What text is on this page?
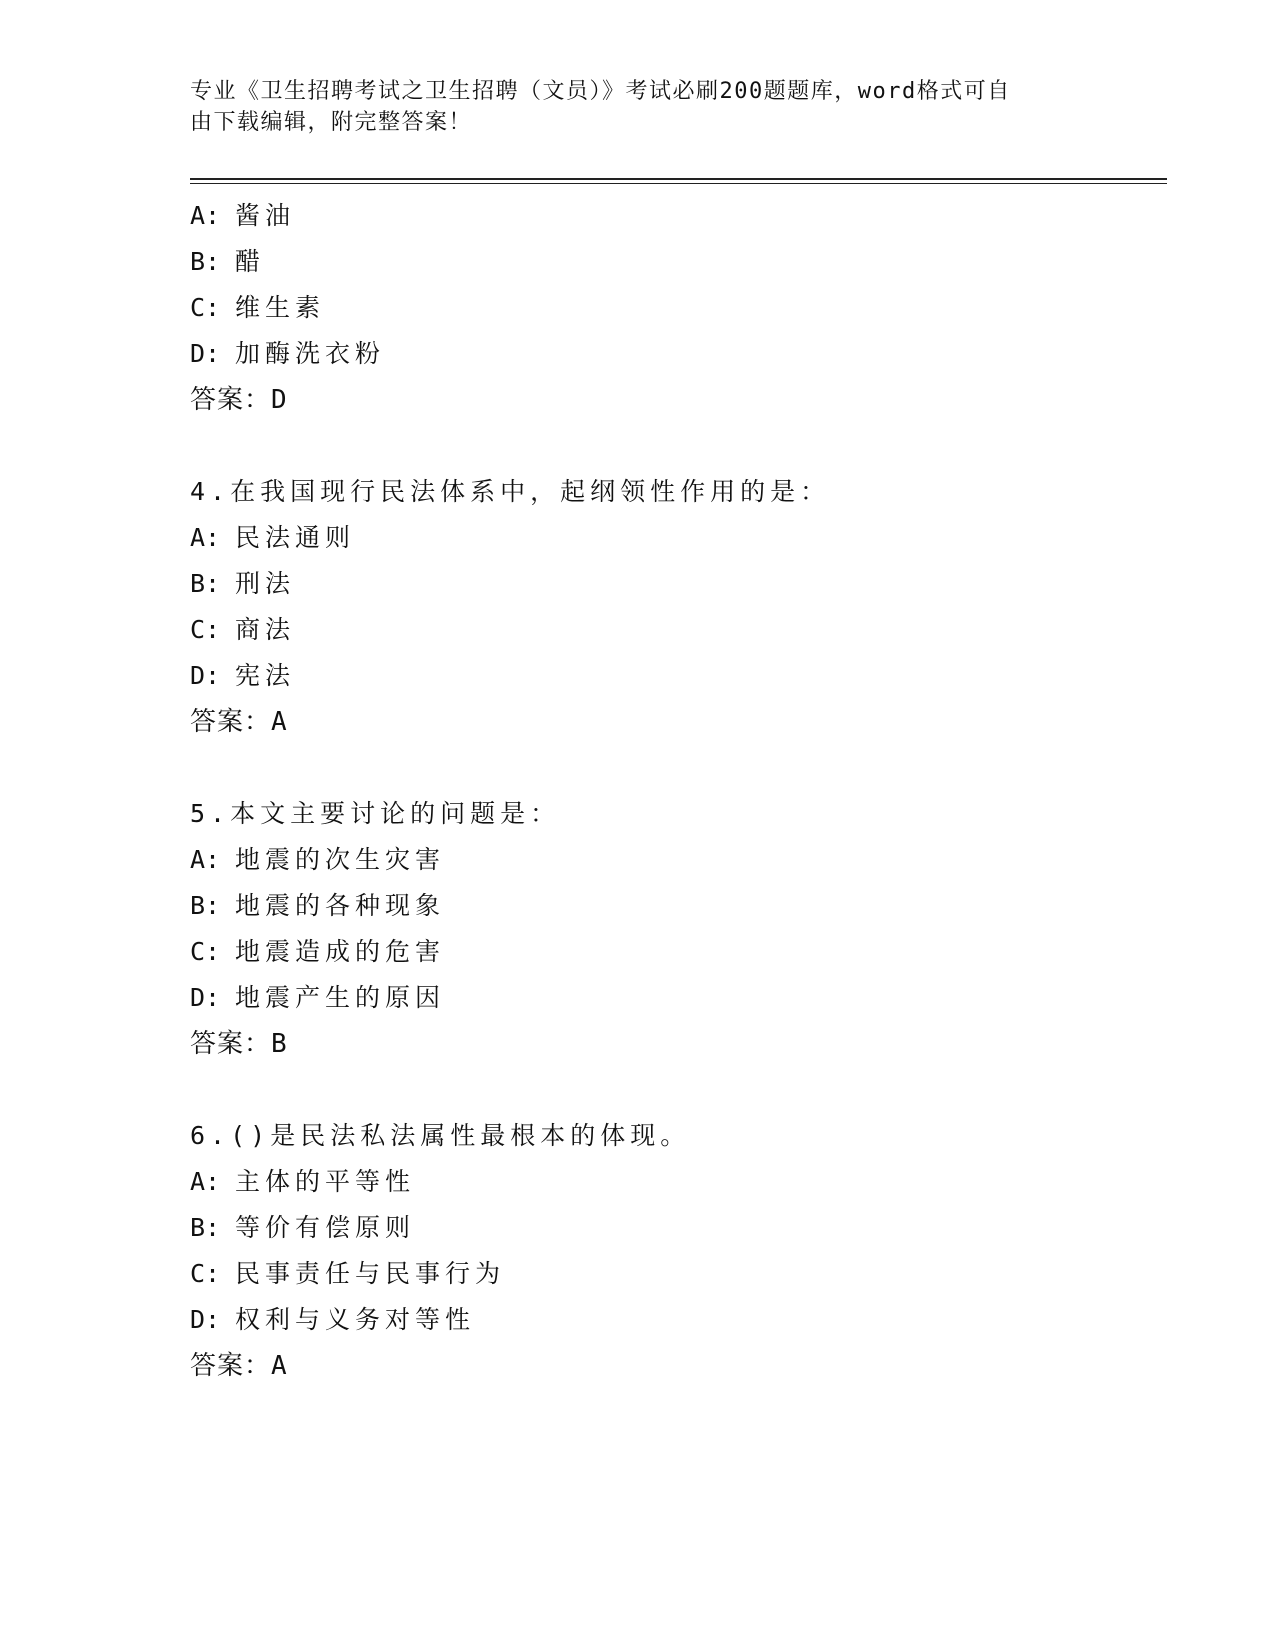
专业《卫生招聘考试之卫生招聘（文员）》考试必刷200题题库，word格式可自
由下载编辑，附完整答案！
A: 酱油
B: 醋
C: 维生素
D: 加酶洗衣粉
答案：D
4.在我国现行民法体系中，起纲领性作用的是：
A: 民法通则
B: 刑法
C: 商法
D: 宪法
答案：A
5.本文主要讨论的问题是：
A: 地震的次生灾害
B: 地震的各种现象
C: 地震造成的危害
D: 地震产生的原因
答案：B
6.()是民法私法属性最根本的体现。
A: 主体的平等性
B: 等价有偿原则
C: 民事责任与民事行为
D: 权利与义务对等性
答案：A
